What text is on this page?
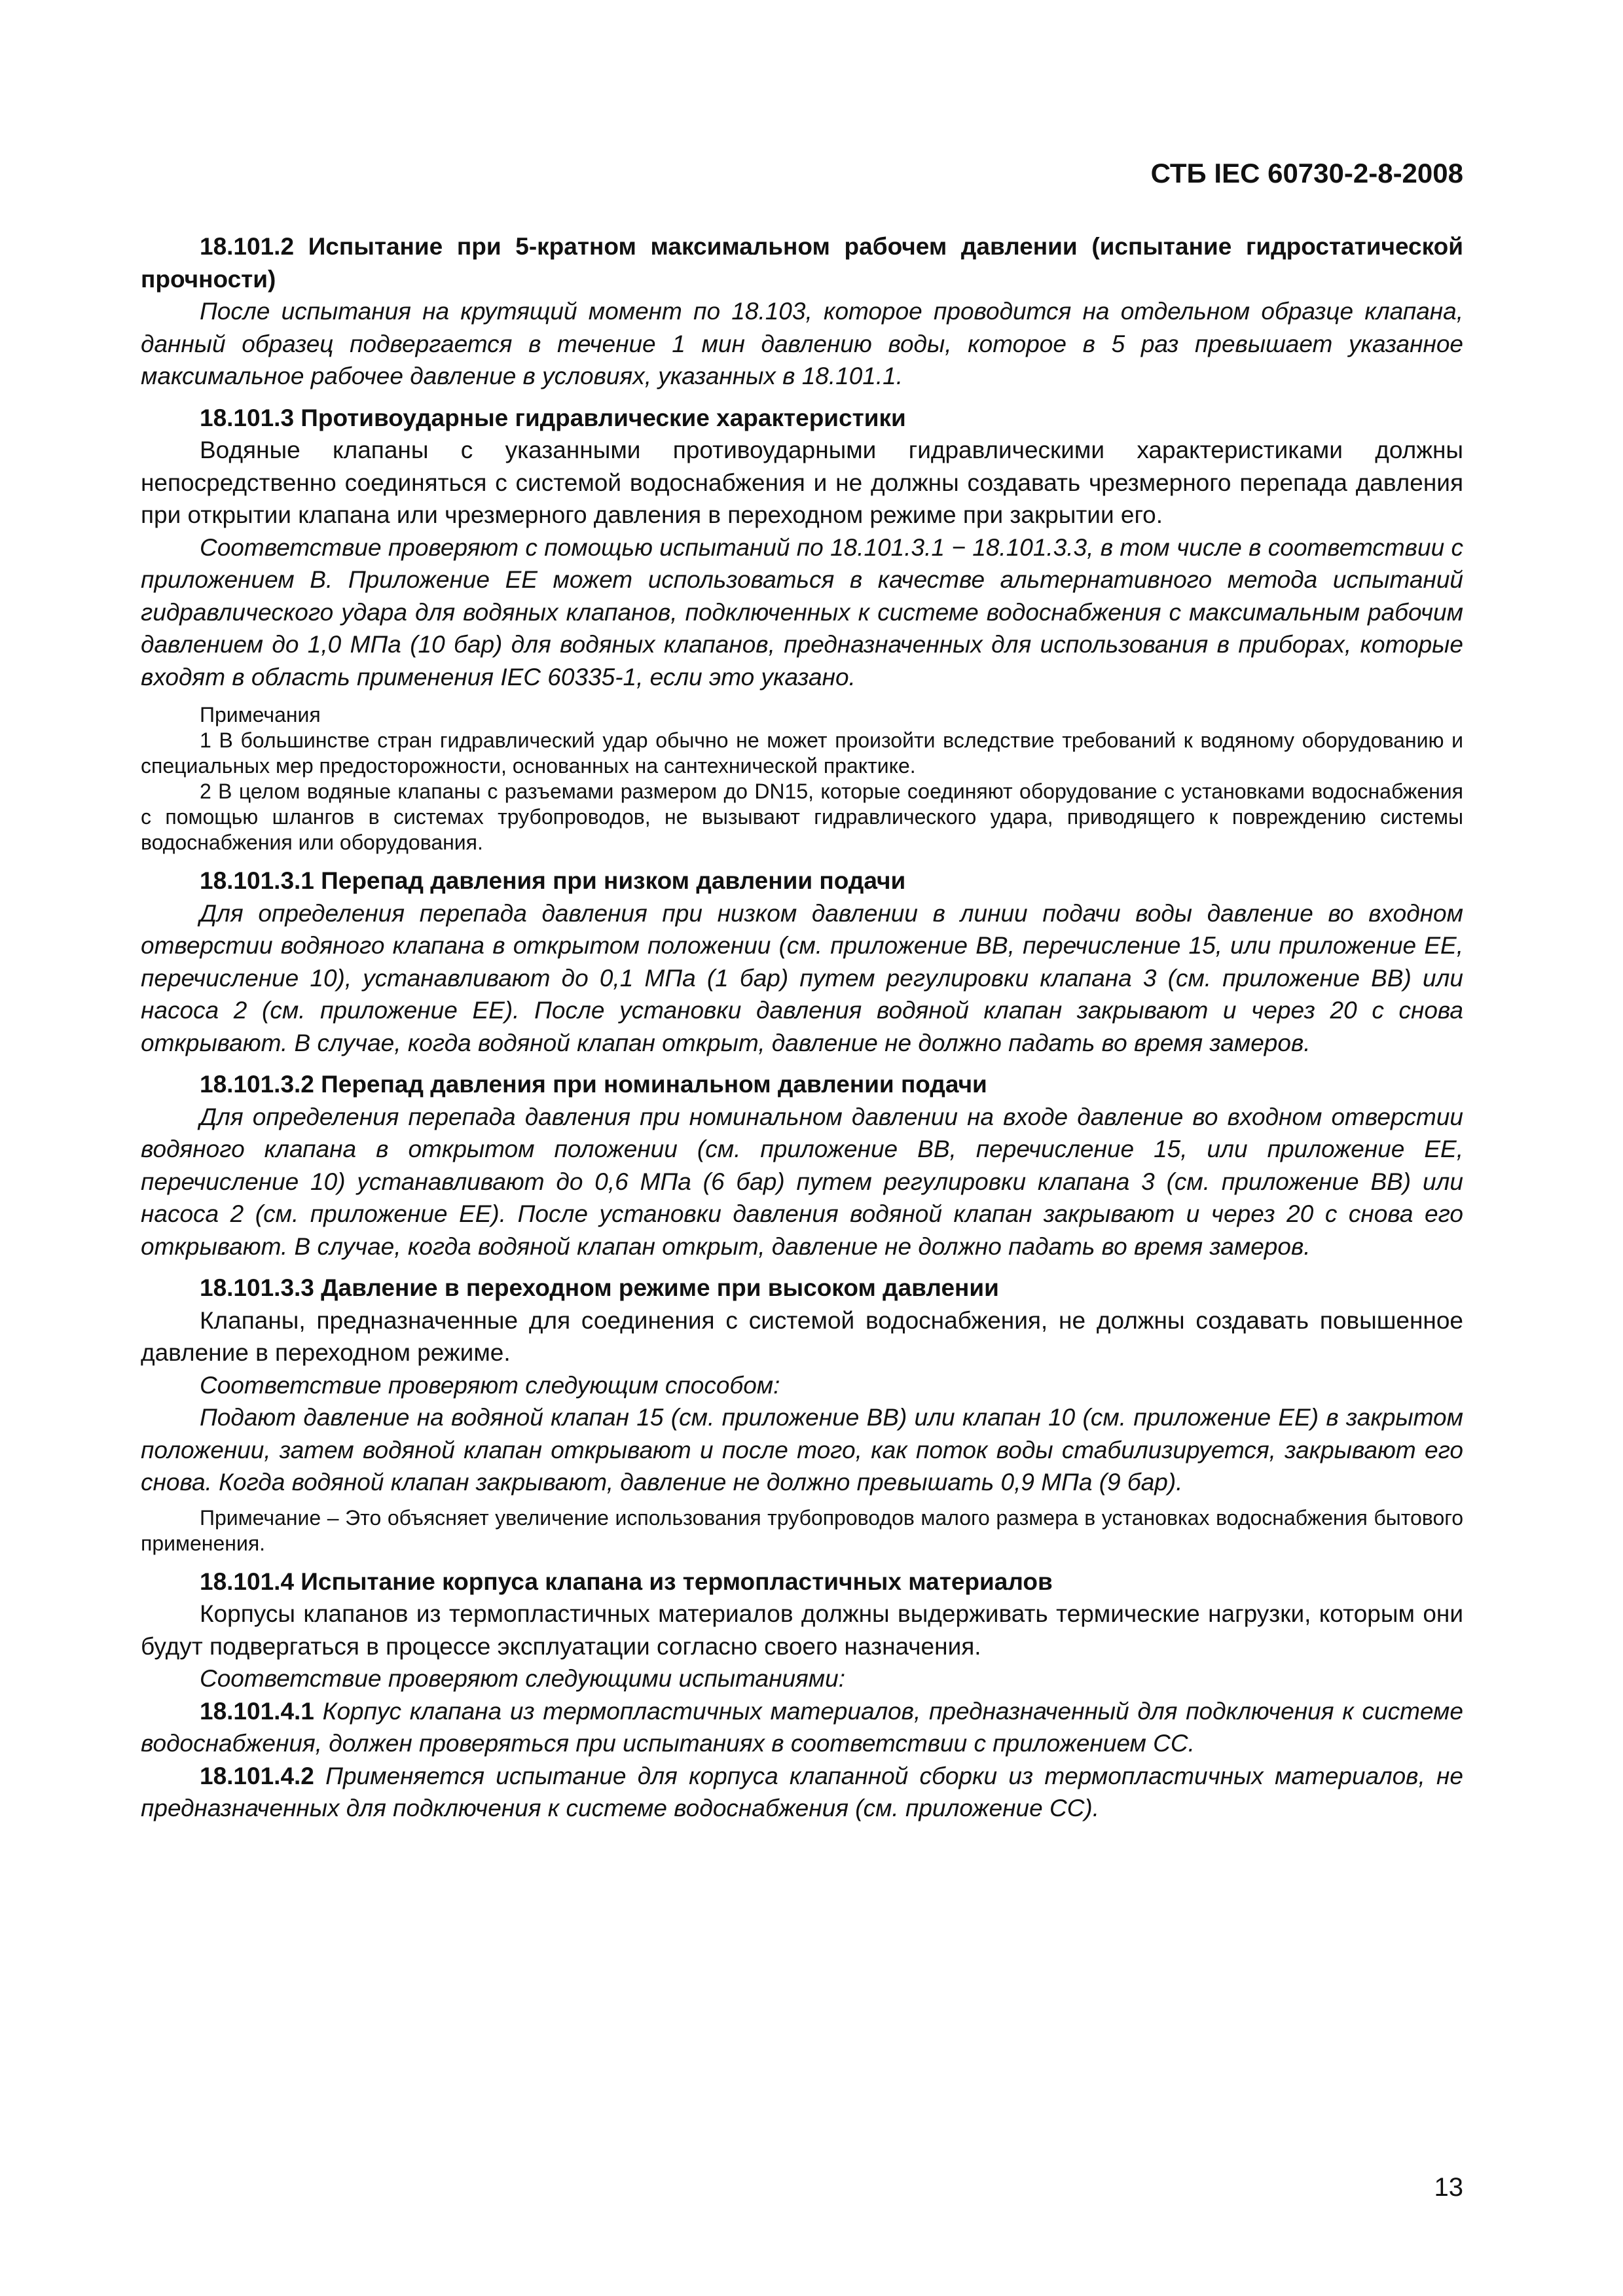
СТБ IEC 60730-2-8-2008

18.101.2 Испытание при 5-кратном максимальном рабочем давлении (испытание гидростатической прочности)

После испытания на крутящий момент по 18.103, которое проводится на отдельном образце клапана, данный образец подвергается в течение 1 мин давлению воды, которое в 5 раз превышает указанное максимальное рабочее давление в условиях, указанных в 18.101.1.

18.101.3 Противоударные гидравлические характеристики

Водяные клапаны с указанными противоударными гидравлическими характеристиками должны непосредственно соединяться с системой водоснабжения и не должны создавать чрезмерного перепада давления при открытии клапана или чрезмерного давления в переходном режиме при закрытии его.

Соответствие проверяют с помощью испытаний по 18.101.3.1 − 18.101.3.3, в том числе в соответствии с приложением В. Приложение ЕЕ может использоваться в качестве альтернативного метода испытаний гидравлического удара для водяных клапанов, подключенных к системе водоснабжения с максимальным рабочим давлением до 1,0 МПа (10 бар) для водяных клапанов, предназначенных для использования в приборах, которые входят в область применения IEC 60335-1, если это указано.

Примечания

1 В большинстве стран гидравлический удар обычно не может произойти вследствие требований к водяному оборудованию и специальных мер предосторожности, основанных на сантехнической практике.

2 В целом водяные клапаны с разъемами размером до DN15, которые соединяют оборудование с установками водоснабжения с помощью шлангов в системах трубопроводов, не вызывают гидравлического удара, приводящего к повреждению системы водоснабжения или оборудования.

18.101.3.1 Перепад давления при низком давлении подачи

Для определения перепада давления при низком давлении в линии подачи воды давление во входном отверстии водяного клапана в открытом положении (см. приложение ВВ, перечисление 15, или приложение ЕЕ, перечисление 10), устанавливают до 0,1 МПа (1 бар) путем регулировки клапана 3 (см. приложение ВВ) или насоса 2 (см. приложение ЕЕ). После установки давления водяной клапан закрывают и через 20 с снова открывают. В случае, когда водяной клапан открыт, давление не должно падать во время замеров.

18.101.3.2 Перепад давления при номинальном давлении подачи

Для определения перепада давления при номинальном давлении на входе давление во входном отверстии водяного клапана в открытом положении (см. приложение ВВ, перечисление 15, или приложение ЕЕ, перечисление 10) устанавливают до 0,6 МПа (6 бар) путем регулировки клапана 3 (см. приложение ВВ) или насоса 2 (см. приложение ЕЕ). После установки давления водяной клапан закрывают и через 20 с снова его открывают. В случае, когда водяной клапан открыт, давление не должно падать во время замеров.

18.101.3.3 Давление в переходном режиме при высоком давлении

Клапаны, предназначенные для соединения с системой водоснабжения, не должны создавать повышенное давление в переходном режиме.

Соответствие проверяют следующим способом:

Подают давление на водяной клапан 15 (см. приложение ВВ) или клапан 10 (см. приложение ЕЕ) в закрытом положении, затем водяной клапан открывают и после того, как поток воды стабилизируется, закрывают его снова. Когда водяной клапан закрывают, давление не должно превышать 0,9 МПа (9 бар).

Примечание – Это объясняет увеличение использования трубопроводов малого размера в установках водоснабжения бытового применения.

18.101.4 Испытание корпуса клапана из термопластичных материалов

Корпусы клапанов из термопластичных материалов должны выдерживать термические нагрузки, которым они будут подвергаться в процессе эксплуатации согласно своего назначения.

Соответствие проверяют следующими испытаниями:

18.101.4.1 Корпус клапана из термопластичных материалов, предназначенный для подключения к системе водоснабжения, должен проверяться при испытаниях в соответствии с приложением СС.

18.101.4.2 Применяется испытание для корпуса клапанной сборки из термопластичных материалов, не предназначенных для подключения к системе водоснабжения (см. приложение СС).

13
